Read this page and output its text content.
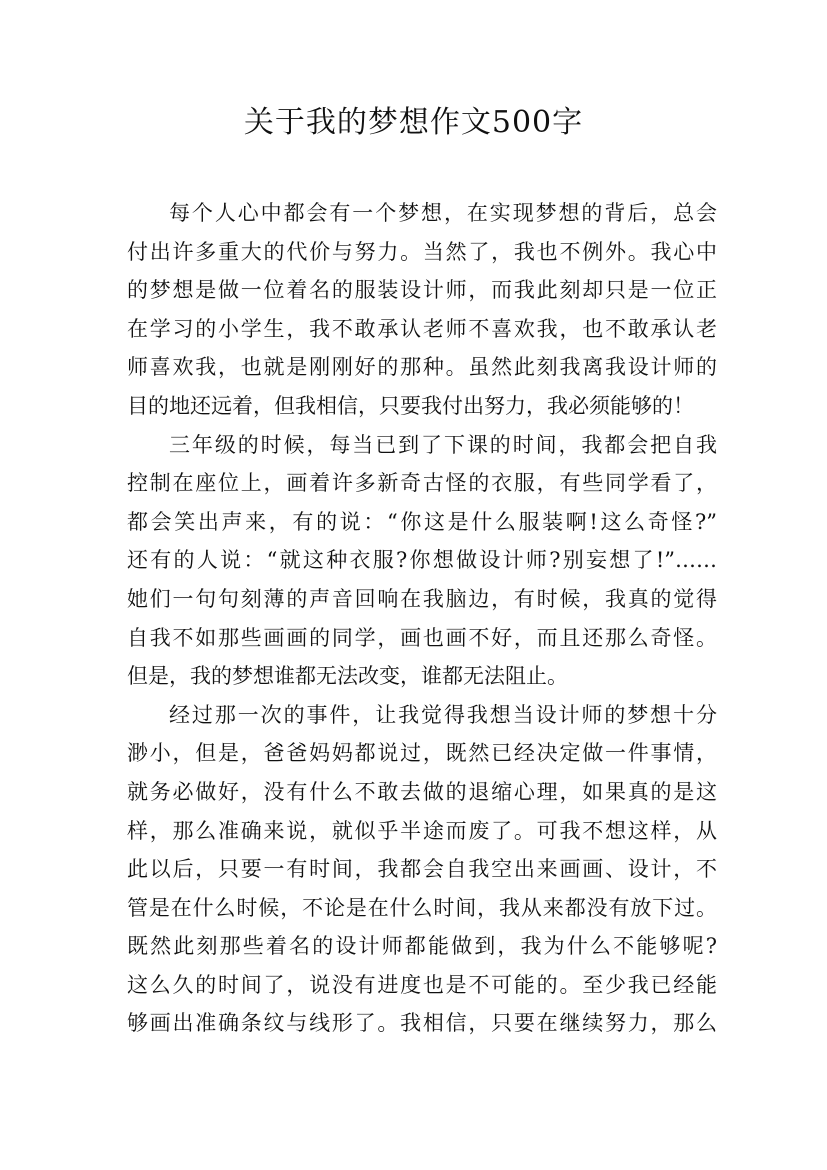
关于我的梦想作文500字
每个人心中都会有一个梦想，在实现梦想的背后，总会
付出许多重大的代价与努力。当然了，我也不例外。我心中
的梦想是做一位着名的服装设计师，而我此刻却只是一位正
在学习的小学生，我不敢承认老师不喜欢我，也不敢承认老
师喜欢我，也就是刚刚好的那种。虽然此刻我离我设计师的
目的地还远着，但我相信，只要我付出努力，我必须能够的！
三年级的时候，每当已到了下课的时间，我都会把自我
控制在座位上，画着许多新奇古怪的衣服，有些同学看了，
都会笑出声来，有的说：“你这是什么服装啊!这么奇怪?”
还有的人说：“就这种衣服?你想做设计师?别妄想了!”……
她们一句句刻薄的声音回响在我脑边，有时候，我真的觉得
自我不如那些画画的同学，画也画不好，而且还那么奇怪。
但是，我的梦想谁都无法改变，谁都无法阻止。
经过那一次的事件，让我觉得我想当设计师的梦想十分
渺小，但是，爸爸妈妈都说过，既然已经决定做一件事情，
就务必做好，没有什么不敢去做的退缩心理，如果真的是这
样，那么准确来说，就似乎半途而废了。可我不想这样，从
此以后，只要一有时间，我都会自我空出来画画、设计，不
管是在什么时候，不论是在什么时间，我从来都没有放下过。
既然此刻那些着名的设计师都能做到，我为什么不能够呢?
这么久的时间了，说没有进度也是不可能的。至少我已经能
够画出准确条纹与线形了。我相信，只要在继续努力，那么
